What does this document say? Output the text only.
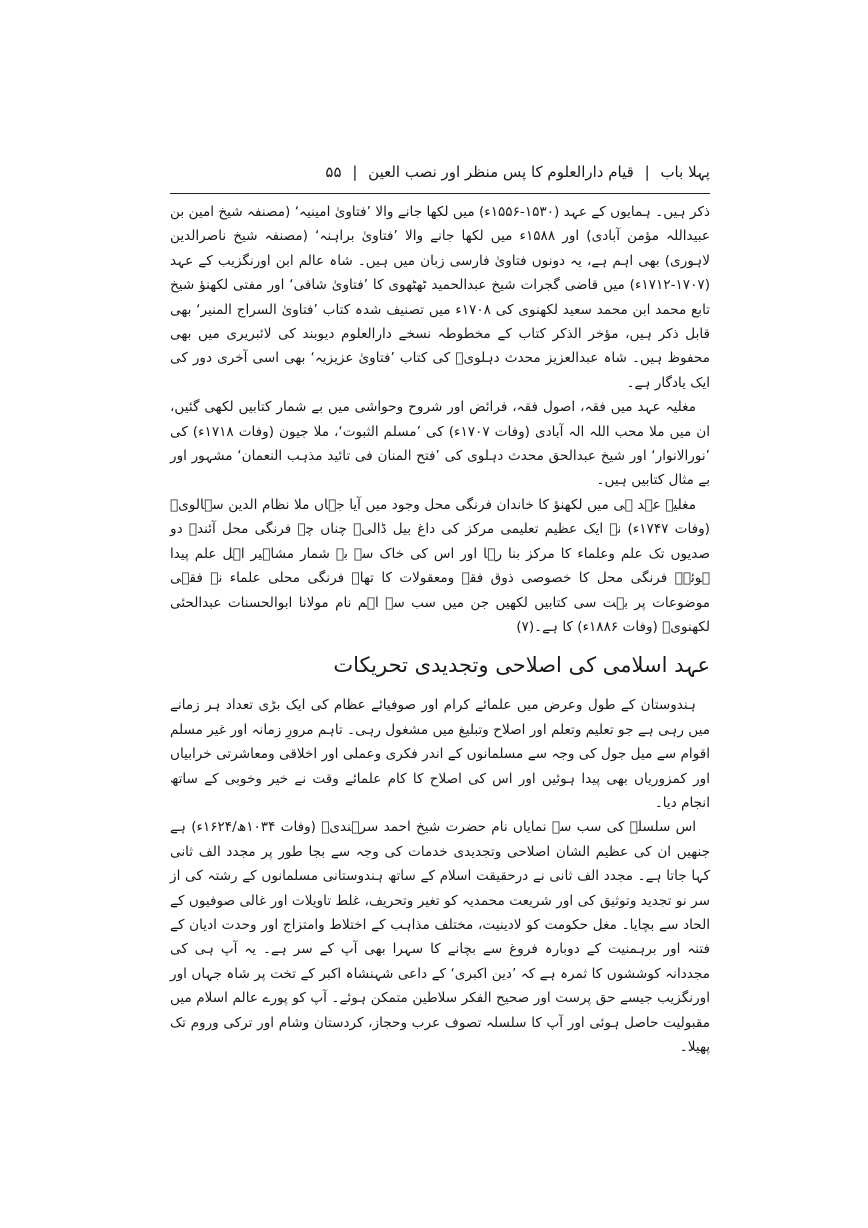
پہلا باب | قیام دارالعلوم کا پس منظر اور نصب العین | ۵۵

ذکر ہیں۔ ہمایوں کے عہد (۱۵۳۰-۱۵۵۶ء) میں لکھا جانے والا ’فتاویٰ امینیہ‘ (مصنفہ شیخ امین بن عبیداللہ مؤمن آبادی) اور ۱۵۸۸ء میں لکھا جانے والا ’فتاویٰ براہنہ‘ (مصنفہ شیخ ناصرالدین لاہوری) بھی اہم ہے، یہ دونوں فتاویٰ فارسی زبان میں ہیں۔ شاہ عالم ابن اورنگزیب کے عہد (۱۷۰۷-۱۷۱۲ء) میں قاضی گجرات شیخ عبدالحمید ٹھٹھوی کا ’فتاویٰ شافی‘ اور مفتی لکھنؤ شیخ تابع محمد ابن محمد سعید لکھنوی کی ۱۷۰۸ء میں تصنیف شدہ کتاب ’فتاویٰ السراج المنیر‘ بھی قابل ذکر ہیں، مؤخر الذکر کتاب کے مخطوطہ نسخے دارالعلوم دیوبند کی لائبریری میں بھی محفوظ ہیں۔ شاہ عبدالعزیز محدث دہلویؒ کی کتاب ’فتاویٰ عزیزیہ‘ بھی اسی آخری دور کی ایک یادگار ہے۔

مغلیہ عہد میں فقہ، اصول فقہ، فرائض اور شروح وحواشی میں بے شمار کتابیں لکھی گئیں، ان میں ملا محب اللہ الہ آبادی (وفات ۱۷۰۷ء) کی ’مسلم الثبوت‘، ملا جیون (وفات ۱۷۱۸ء) کی ’نورالانوار‘ اور شیخ عبدالحق محدث دہلوی کی ’فتح المنان فی تائید مذہب النعمان‘ مشہور اور بے مثال کتابیں ہیں۔

مغلیہ عہد ہی میں لکھنؤ کا خاندان فرنگی محل وجود میں آیا جہاں ملا نظام الدین سہالویؒ (وفات ۱۷۴۷ء) نے ایک عظیم تعلیمی مرکز کی داغ بیل ڈالی۔ چناں چہ فرنگی محل آئندہ دو صدیوں تک علم وعلماء کا مرکز بنا رہا اور اس کی خاک سے بے شمار مشاہیر اہل علم پیدا ہوئے۔ فرنگی محل کا خصوصی ذوق فقہ ومعقولات کا تھا۔ فرنگی محلی علماء نے فقہی موضوعات پر بہت سی کتابیں لکھیں جن میں سب سے اہم نام مولانا ابوالحسنات عبدالحئی لکھنویؒ (وفات ۱۸۸۶ء) کا ہے۔(۷)

عہد اسلامی کی اصلاحی وتجدیدی تحریکات

ہندوستان کے طول وعرض میں علمائے کرام اور صوفیائے عظام کی ایک بڑی تعداد ہر زمانے میں رہی ہے جو تعلیم وتعلم اور اصلاح وتبلیغ میں مشغول رہی۔ تاہم مرورِ زمانہ اور غیر مسلم اقوام سے میل جول کی وجہ سے مسلمانوں کے اندر فکری وعملی اور اخلاقی ومعاشرتی خرابیاں اور کمزوریاں بھی پیدا ہوئیں اور اس کی اصلاح کا کام علمائے وقت نے خیر وخوبی کے ساتھ انجام دیا۔

اس سلسلے کی سب سے نمایاں نام حضرت شیخ احمد سرہندیؒ (وفات ۱۰۳۴ھ/۱۶۲۴ء) ہے جنھیں ان کی عظیم الشان اصلاحی وتجدیدی خدمات کی وجہ سے بجا طور پر مجدد الف ثانی کہا جاتا ہے۔ مجدد الف ثانی نے درحقیقت اسلام کے ساتھ ہندوستانی مسلمانوں کے رشتہ کی از سر نو تجدید وتوثیق کی اور شریعت محمدیہ کو تغیر وتحریف، غلط تاویلات اور غالی صوفیوں کے الحاد سے بچایا۔ مغل حکومت کو لادینیت، مختلف مذاہب کے اختلاط وامتزاج اور وحدت ادیان کے فتنہ اور برہمنیت کے دوبارہ فروغ سے بچانے کا سہرا بھی آپ کے سر ہے۔ یہ آپ ہی کی مجددانہ کوششوں کا ثمرہ ہے کہ ’دین اکبری‘ کے داعی شہنشاہ اکبر کے تخت پر شاہ جہاں اور اورنگزیب جیسے حق پرست اور صحیح الفکر سلاطین متمکن ہوئے۔ آپ کو پورے عالم اسلام میں مقبولیت حاصل ہوئی اور آپ کا سلسلہ تصوف عرب وحجاز، کردستان وشام اور ترکی وروم تک پھیلا۔
